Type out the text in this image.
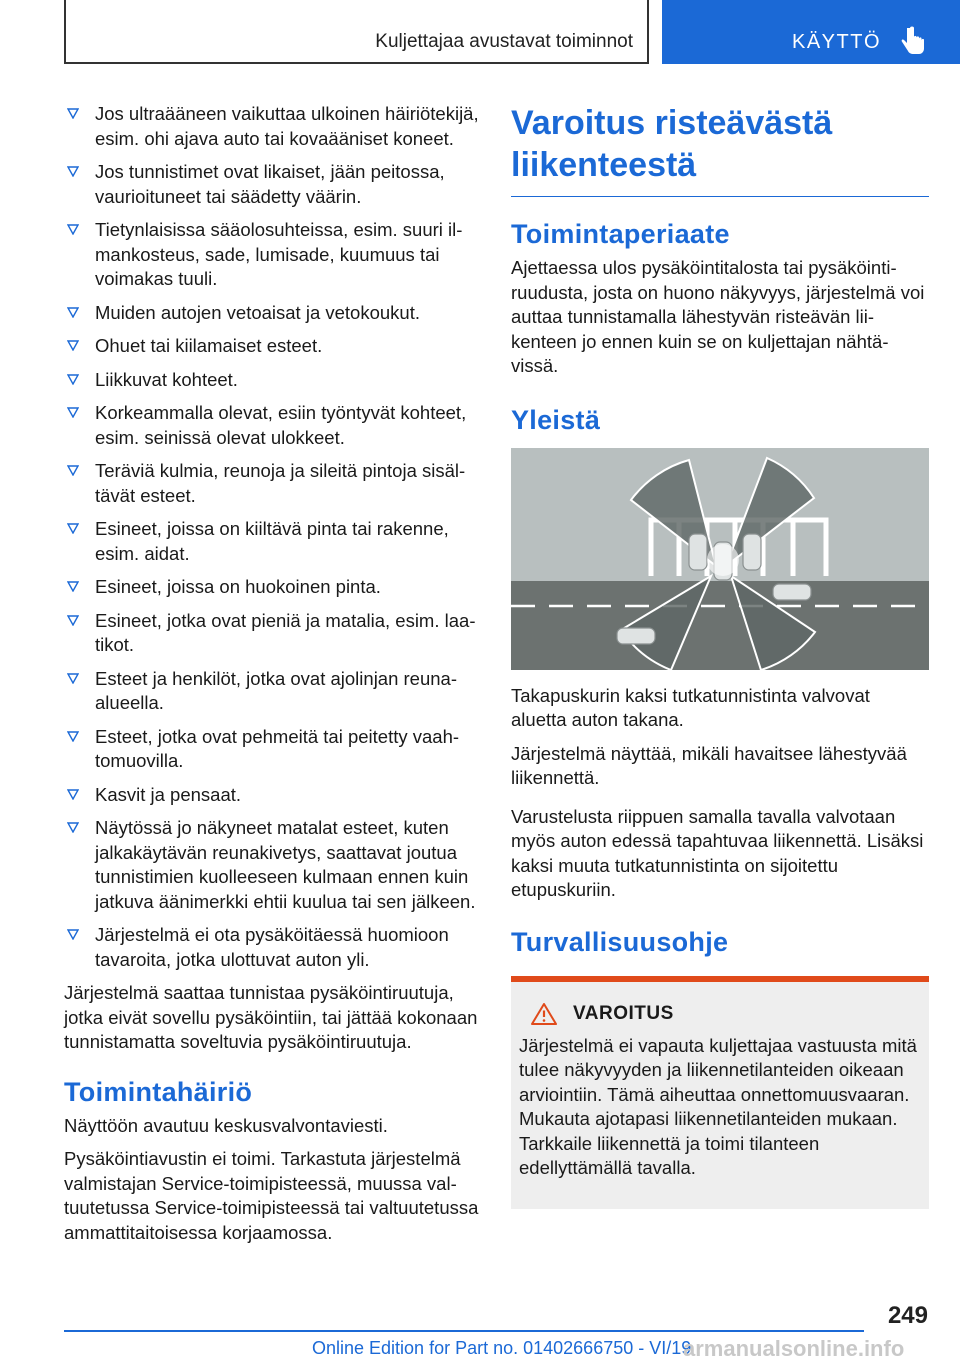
Kuljettajaa avustavat toiminnot	KÄYTTÖ
Jos ultraääneen vaikuttaa ulkoinen häiriötekijä, esim. ohi ajava auto tai kovaääniset koneet.
Jos tunnistimet ovat likaiset, jään peitossa, vaurioituneet tai säädetty väärin.
Tietynlaisissa sääolosuhteissa, esim. suuri ilmankosteus, sade, lumisade, kuumuus tai voimakas tuuli.
Muiden autojen vetoaisat ja vetokoukut.
Ohuet tai kiilamaiset esteet.
Liikkuvat kohteet.
Korkeammalla olevat, esiin työntyvät kohteet, esim. seinissä olevat ulokkeet.
Teräviä kulmia, reunoja ja sileitä pintoja sisältävät esteet.
Esineet, joissa on kiiltävä pinta tai rakenne, esim. aidat.
Esineet, joissa on huokoinen pinta.
Esineet, jotka ovat pieniä ja matalia, esim. laatikot.
Esteet ja henkilöt, jotka ovat ajolinjan reunaalueella.
Esteet, jotka ovat pehmeitä tai peitetty vaahtomuovilla.
Kasvit ja pensaat.
Näytössä jo näkyneet matalat esteet, kuten jalkakäytävän reunakivetys, saattavat joutua tunnistimien kuolleeseen kulmaan ennen kuin jatkuva äänimerkki ehtii kuulua tai sen jälkeen.
Järjestelmä ei ota pysäköitäessä huomioon tavaroita, jotka ulottuvat auton yli.

Järjestelmä saattaa tunnistaa pysäköintiruutuja, jotka eivät sovellu pysäköintiin, tai jättää kokonaan tunnistamatta soveltuvia pysäköintiruutuja.

Toimintahäiriö

Näyttöön avautuu keskusvalvontaviesti.

Pysäköintiavustin ei toimi. Tarkastuta järjestelmä valmistajan Service-toimipisteessä, muussa valtuutetussa Service-toimipisteessä tai valtuutetussa ammattitaitoisessa korjaamossa.

Varoitus risteävästä liikenteestä
Toimintaperiaate

Ajettaessa ulos pysäköintitalosta tai pysäköintiruudusta, josta on huono näkyvyys, järjestelmä voi auttaa tunnistamalla lähestyvän risteävän liikenteen jo ennen kuin se on kuljettajan nähtävissä.

Yleistä

Takapuskurin kaksi tutkatunnistinta valvovat aluetta auton takana.

Järjestelmä näyttää, mikäli havaitsee lähestyvää liikennettä.

Varustelusta riippuen samalla tavalla valvotaan myös auton edessä tapahtuvaa liikennettä. Lisäksi kaksi muuta tutkatunnistinta on sijoitettu etupuskuriin.

Turvallisuusohje
VAROITUS
Järjestelmä ei vapauta kuljettajaa vastuusta mitä tulee näkyvyyden ja liikennetilanteiden oikeaan arviointiin. Tämä aiheuttaa onnettomuusvaaran. Mukauta ajotapasi liikennetilanteiden mukaan. Tarkkaile liikennettä ja toimi tilanteen edellyttämällä tavalla.
249
Online Edition for Part no. 01402666750 - VI/19
armanualsonline.info
